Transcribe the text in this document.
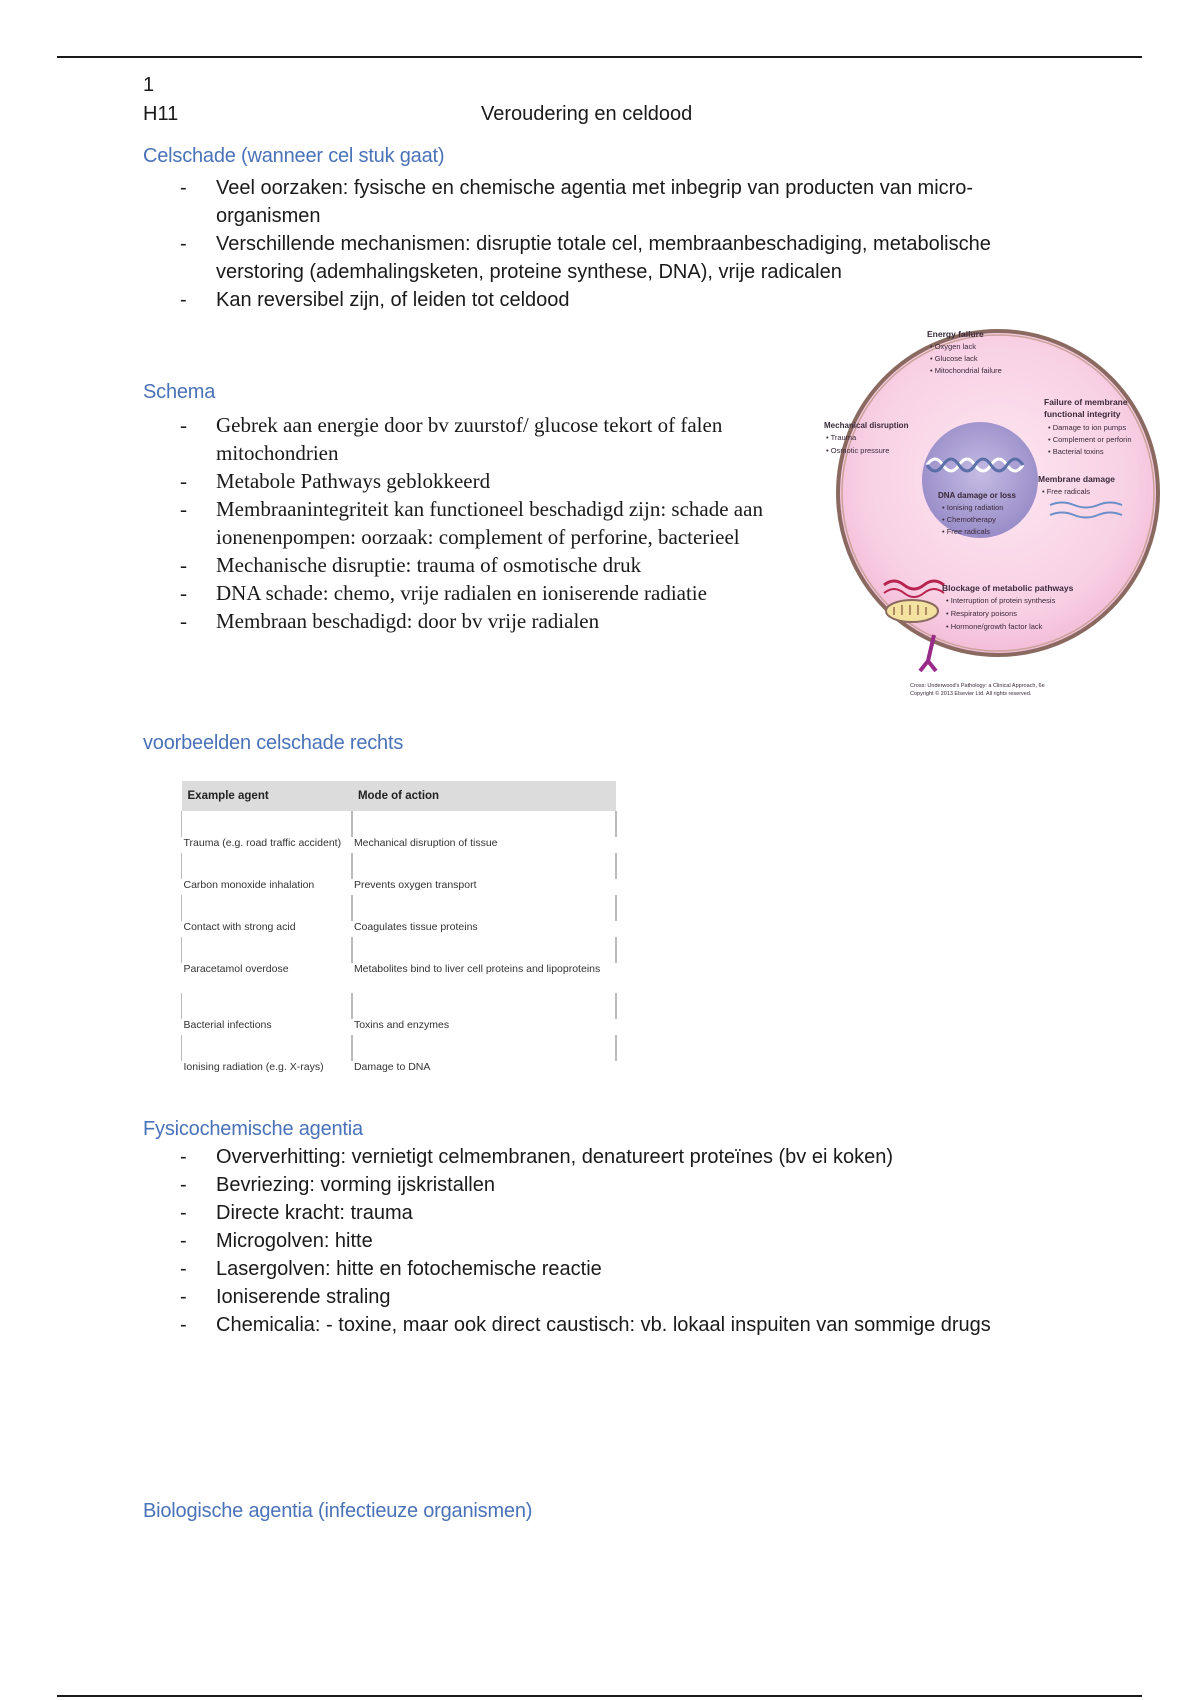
1
H11	Veroudering en celdood
Celschade (wanneer cel stuk gaat)
- Veel oorzaken: fysische en chemische agentia met inbegrip van producten van micro-organismen
- Verschillende mechanismen: disruptie totale cel, membraanbeschadiging, metabolische verstoring (ademhalingsketen, proteine synthese, DNA), vrije radicalen
- Kan reversibel zijn, of leiden tot celdood
Schema
- Gebrek aan energie door bv zuurstof/ glucose tekort of falen mitochondrien
- Metabole Pathways geblokkeerd
- Membraanintegriteit kan functioneel beschadigd zijn: schade aan ionenenpompen: oorzaak: complement of perforine, bacterieel
- Mechanische disruptie: trauma of osmotische druk
- DNA schade: chemo, vrije radialen en ioniserende radiatie
- Membraan beschadigd: door bv vrije radialen
Energy failure
• Oxygen lack
• Glucose lack
• Mitochondrial failure
Mechanical disruption
• Trauma
• Osmotic pressure
Failure of membrane
functional integrity
• Damage to ion pumps
• Complement or perforin
• Bacterial toxins
Membrane damage
• Free radicals
DNA damage or loss
• Ionising radiation
• Chemotherapy
• Free radicals
Blockage of metabolic pathways
• Interruption of protein synthesis
• Respiratory poisons
• Hormone/growth factor lack
Cross: Underwood's Pathology: a Clinical Approach, 6e
Copyright © 2013 Elsevier Ltd. All rights reserved.
voorbeelden celschade rechts
Example agent	Mode of action

Trauma (e.g. road traffic accident)	Mechanical disruption of tissue

Carbon monoxide inhalation	Prevents oxygen transport

Contact with strong acid	Coagulates tissue proteins

Paracetamol overdose	Metabolites bind to liver cell proteins and lipoproteins

Bacterial infections	Toxins and enzymes

Ionising radiation (e.g. X-rays)	Damage to DNA
Fysicochemische agentia
- Oververhitting: vernietigt celmembranen, denatureert proteïnes (bv ei koken)
- Bevriezing: vorming ijskristallen
- Directe kracht: trauma
- Microgolven: hitte
- Lasergolven: hitte en fotochemische reactie
- Ioniserende straling
- Chemicalia: - toxine, maar ook direct caustisch: vb. lokaal inspuiten van sommige drugs
Biologische agentia (infectieuze organismen)
